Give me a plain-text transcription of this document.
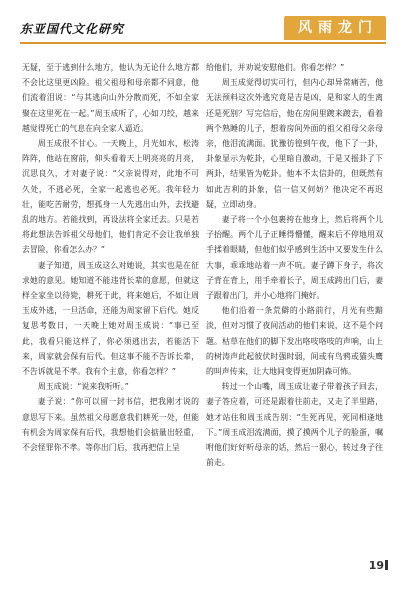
东亚国代文化研究	风雨龙门

无疑，至于逃到什么地方，他认为无论什么地方都不会比这里更凶险。祖父祖母和母亲都不同意，他们流着泪说：“与其逃向山外分散而死，不如全家聚在这里死在一起。”周玉成听了，心如刀绞，越来越觉得死亡的气息在向全家人逼近。

周玉成很不甘心。一天晚上，月光如水，松涛阵阵，他站在窗前，仰头看着天上明亮亮的月亮，沉思良久，才对妻子说：“父亲说得对，此地不可久处，不逃必死，全家一起逃也必死。我年轻力壮，能吃苦耐劳，想孤身一人先逃出山外，去找避乱的地方。若能找到，再设法将全家迁去。只是若将此想法告诉祖父母他们，他们肯定不会让我单独去冒险，你看怎么办？”

妻子知道，周玉成这么对她说，其实也是在征求她的意见。她知道不能违背长辈的意愿，但就这样全家坐以待毙，耕死于此，将来她后，不如让周玉成外逃，一旦活命，还能为周家留下后代。她反复思考数日，一天晚上她对周玉成说：“事已至此，我看只能这样了，你必须逃出去，若能活下来，周家就会保有后代。但这事不能不告诉长辈，不告诉就是不孝。我有个主意，你看怎样？”

周玉成说：“说来我听听。”

妻子说：“你可以留一封书信，把我刚才说的意思写下来。虽然祖父母愿意我们耕死一处，但能有机会为周家保有后代，我想他们会掂量出轻重，不会怪罪你不孝。等你出门后，我再把信上呈

给他们，并劝说安慰他们。你看怎样？”

周玉成觉得切实可行，但内心却异常痛苦，他无法预料这次外逃究竟是吉是凶，是和家人的生离还是死别？写完信后，他在房间里踱来踱去，看着两个熟睡的儿子，想着房间外面的祖父祖母父亲母亲，他泪流满面。犹豫彷徨到午夜，他下了一卦，卦象显示为乾卦，心里暗自激动，于是又摇卦了下两卦，结果皆为乾卦。他本不太信卦的，但既然有如此吉利的卦象，信一信又何妨？他决定不再迟疑，立即动身。

妻子将一个小包裹挎在他身上，然后将两个儿子抬醒。两个儿子正睡得懵懂，醒来后不停地用双手揉着眼睛，但他们似乎感到生活中又要发生什么大事，乖乖地站着一声不吭。妻子蹲下身子，将次子背在背上，用手牵着长子，周玉成跨出门后，妻子跟着出门，并小心地将门掩好。

他们沿着一条荒僻的小路前行，月光有些黯淡，但对习惯了夜间活动的他们来说，这不是个问题。枯草在他们的脚下发出咯吱咯吱的声响，山上的树涛声此起彼伏时强时弱，间或有鸟鸦或猫头鹰的叫声传来，让大地间变得更加阴森可怖。

转过一个山嘴，周玉成让妻子带着孩子回去，妻子答应着，可还是跟着往前走，又走了半里路，她才站住和周玉成告别：“生死再见，死同相逢地下。”周玉成泪流满面，摸了摸两个儿子的脸蛋，嘱咐他们好好听母亲的话，然后一狠心，转过身子往前走。

19
